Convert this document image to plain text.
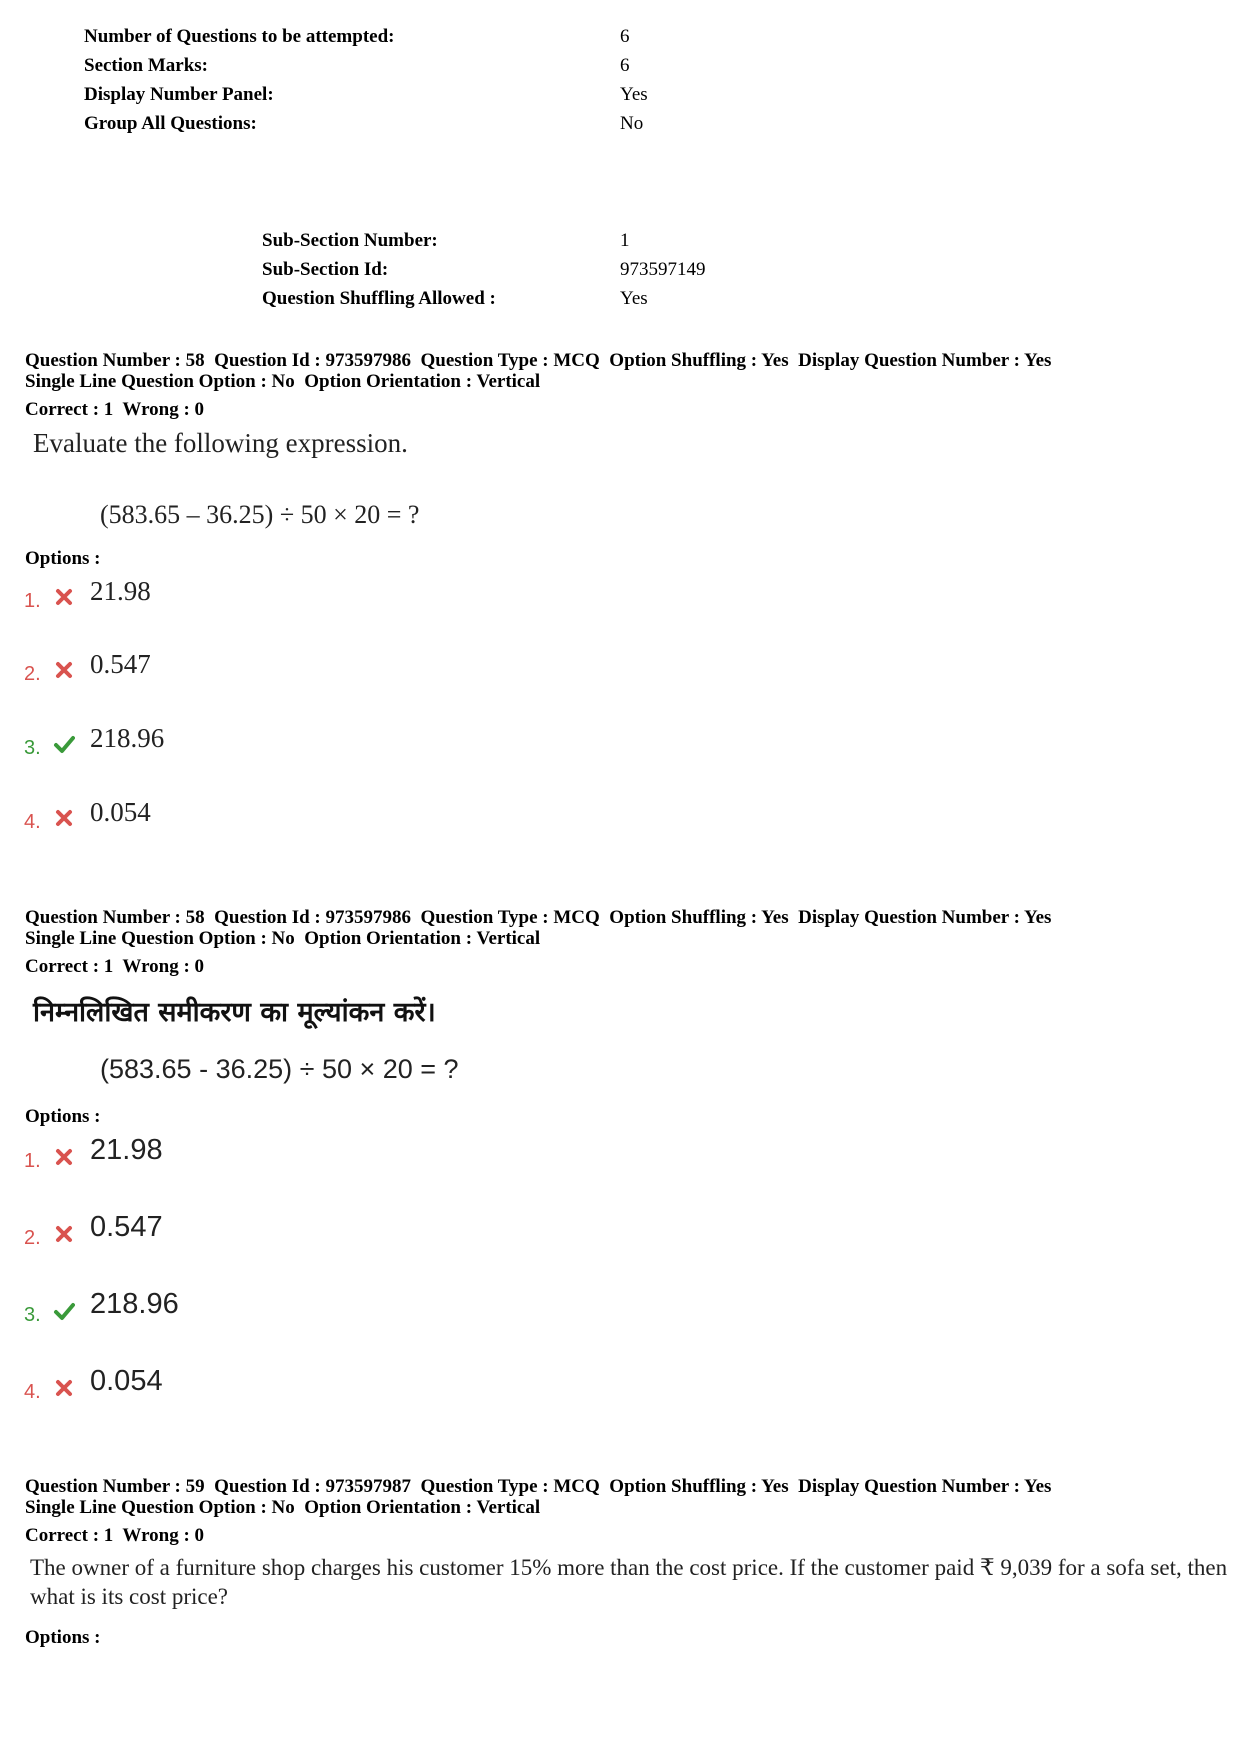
Number of Questions to be attempted:	6
Section Marks:	6
Display Number Panel:	Yes
Group All Questions:	No
Sub-Section Number:	1
Sub-Section Id:	973597149
Question Shuffling Allowed :	Yes
Question Number : 58  Question Id : 973597986  Question Type : MCQ  Option Shuffling : Yes  Display Question Number : Yes
Single Line Question Option : No  Option Orientation : Vertical
Correct : 1  Wrong : 0
Evaluate the following expression.
(583.65 – 36.25) ÷ 50 × 20 = ?
Options :
1. 21.98
2. 0.547
3. 218.96
4. 0.054
Question Number : 58  Question Id : 973597986  Question Type : MCQ  Option Shuffling : Yes  Display Question Number : Yes
Single Line Question Option : No  Option Orientation : Vertical
Correct : 1  Wrong : 0
निम्नलिखित समीकरण का मूल्यांकन करें।
(583.65 - 36.25) ÷ 50 × 20 = ?
Options :
1. 21.98
2. 0.547
3. 218.96
4. 0.054
Question Number : 59  Question Id : 973597987  Question Type : MCQ  Option Shuffling : Yes  Display Question Number : Yes
Single Line Question Option : No  Option Orientation : Vertical
Correct : 1  Wrong : 0
The owner of a furniture shop charges his customer 15% more than the cost price. If the customer paid ₹ 9,039 for a sofa set, then what is its cost price?
Options :
